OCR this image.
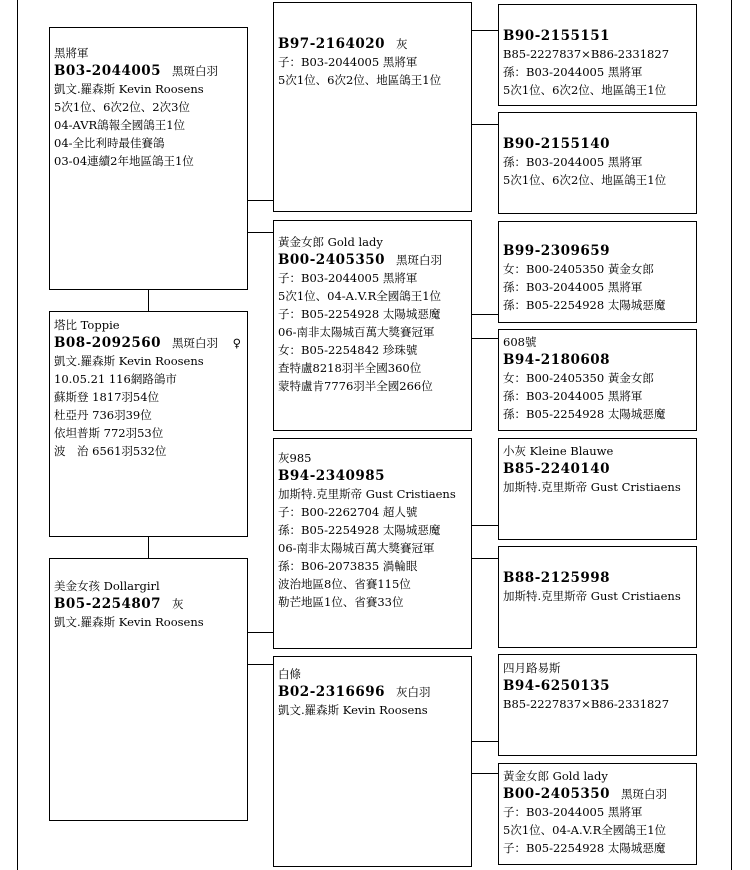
黑將軍
B03-2044005 黑斑白羽
凱文.羅森斯 Kevin Roosens
5次1位、6次2位、2次3位
04-AVR鴿報全國鴿王1位
04-全比利時最佳賽鴿
03-04連續2年地區鴿王1位
塔比 Toppie
B08-2092560 黑斑白羽 ♀
凱文.羅森斯 Kevin Roosens
10.05.21 116網路鴿市
蘇斯登 1817羽54位
杜亞丹 736羽39位
依坦普斯 772羽53位
波　治 6561羽532位
美金女孩 Dollargirl
B05-2254807 灰
凱文.羅森斯 Kevin Roosens
B97-2164020 灰
子：B03-2044005 黑將軍
5次1位、6次2位、地區鴿王1位
黃金女郎 Gold lady
B00-2405350 黑斑白羽
子：B03-2044005 黑將軍
5次1位、04-A.V.R全國鴿王1位
子：B05-2254928 太陽城惡魔
06-南非太陽城百萬大獎賽冠軍
女：B05-2254842 珍珠號
查特盧8218羽半全國360位
蒙特盧肯7776羽半全國266位
灰985
B94-2340985
加斯特.克里斯帝 Gust Cristiaens
子：B00-2262704 超人號
孫：B05-2254928 太陽城惡魔
06-南非太陽城百萬大獎賽冠軍
孫：B06-2073835 渦輪眼
波治地區8位、省賽115位
勒芒地區1位、省賽33位
白條
B02-2316696 灰白羽
凱文.羅森斯 Kevin Roosens
B90-2155151
B85-2227837×B86-2331827
孫：B03-2044005 黑將軍
5次1位、6次2位、地區鴿王1位
B90-2155140
孫：B03-2044005 黑將軍
5次1位、6次2位、地區鴿王1位
B99-2309659
女：B00-2405350 黃金女郎
孫：B03-2044005 黑將軍
孫：B05-2254928 太陽城惡魔
608號
B94-2180608
女：B00-2405350 黃金女郎
孫：B03-2044005 黑將軍
孫：B05-2254928 太陽城惡魔
小灰 Kleine Blauwe
B85-2240140
加斯特.克里斯帝 Gust Cristiaens
B88-2125998
加斯特.克里斯帝 Gust Cristiaens
四月路易斯
B94-6250135
B85-2227837×B86-2331827
黃金女郎 Gold lady
B00-2405350 黑斑白羽
子：B03-2044005 黑將軍
5次1位、04-A.V.R全國鴿王1位
子：B05-2254928 太陽城惡魔
